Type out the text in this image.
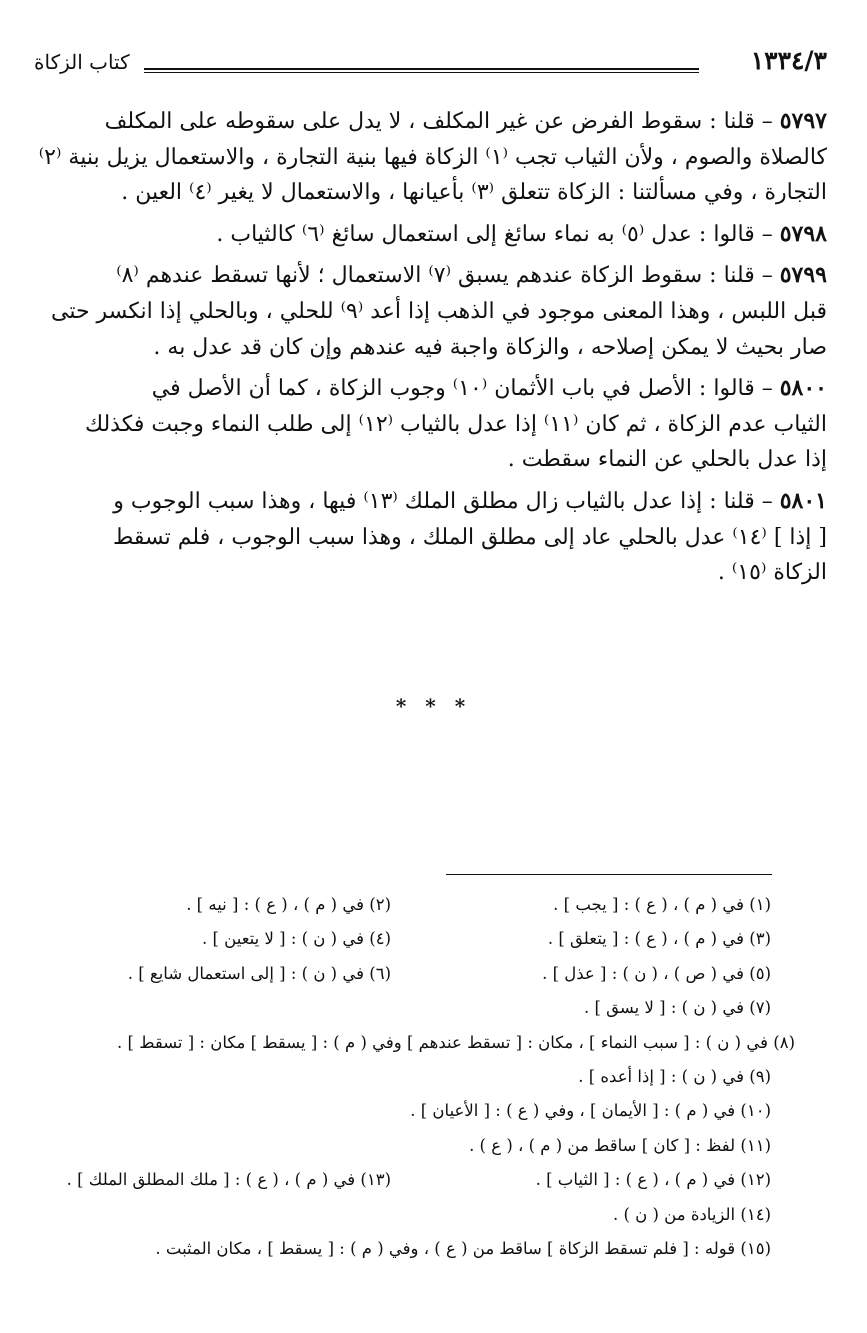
١٣٣٤/٣
كتاب الزكاة
٥٧٩٧ – قلنا : سقوط الفرض عن غير المكلف ، لا يدل على سقوطه على المكلف
كالصلاة والصوم ، ولأن الثياب تجب ⁽١⁾ الزكاة فيها بنية التجارة ، والاستعمال يزيل بنية ⁽٢⁾
التجارة ، وفي مسألتنا : الزكاة تتعلق ⁽٣⁾ بأعيانها ، والاستعمال لا يغير ⁽٤⁾ العين .
٥٧٩٨ – قالوا : عدل ⁽٥⁾ به نماء سائغ إلى استعمال سائغ ⁽٦⁾ كالثياب .
٥٧٩٩ – قلنا : سقوط الزكاة عندهم يسبق ⁽٧⁾ الاستعمال ؛ لأنها تسقط عندهم ⁽٨⁾
قبل اللبس ، وهذا المعنى موجود في الذهب إذا أعد ⁽٩⁾ للحلي ، وبالحلي إذا انكسر حتى
صار بحيث لا يمكن إصلاحه ، والزكاة واجبة فيه عندهم وإن كان قد عدل به .
٥٨٠٠ – قالوا : الأصل في باب الأثمان ⁽١٠⁾ وجوب الزكاة ، كما أن الأصل في
الثياب عدم الزكاة ، ثم كان ⁽١١⁾ إذا عدل بالثياب ⁽١٢⁾ إلى طلب النماء وجبت فكذلك
إذا عدل بالحلي عن النماء سقطت .
٥٨٠١ – قلنا : إذا عدل بالثياب زال مطلق الملك ⁽١٣⁾ فيها ، وهذا سبب الوجوب و
[ إذا ] ⁽١٤⁾ عدل بالحلي عاد إلى مطلق الملك ، وهذا سبب الوجوب ، فلم تسقط
الزكاة ⁽١٥⁾ .
* * *
(١) في ( م ) ، ( ع ) : [ يجب ] .
(٢) في ( م ) ، ( ع ) : [ نيه ] .
(٣) في ( م ) ، ( ع ) : [ يتعلق ] .
(٤) في ( ن ) : [ لا يتعين ] .
(٥) في ( ص ) ، ( ن ) : [ عذل ] .
(٦) في ( ن ) : [ إلى استعمال شايع ] .
(٧) في ( ن ) : [ لا يسق ] .
(٨) في ( ن ) : [ سبب النماء ] ، مكان : [ تسقط عندهم ] وفي ( م ) : [ يسقط ] مكان : [ تسقط ] .
(٩) في ( ن ) : [ إذا أعده ] .
(١٠) في ( م ) : [ الأيمان ] ، وفي ( ع ) : [ الأعيان ] .
(١١) لفظ : [ كان ] ساقط من ( م ) ، ( ع ) .
(١٢) في ( م ) ، ( ع ) : [ الثياب ] .
(١٣) في ( م ) ، ( ع ) : [ ملك المطلق الملك ] .
(١٤) الزيادة من ( ن ) .
(١٥) قوله : [ فلم تسقط الزكاة ] ساقط من ( ع ) ، وفي ( م ) : [ يسقط ] ، مكان المثبت .
